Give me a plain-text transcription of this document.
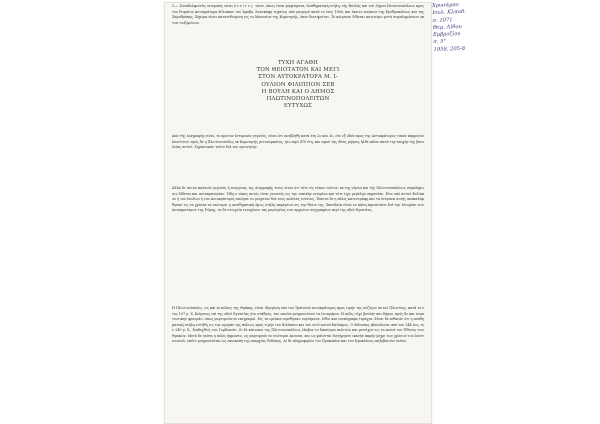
3.— Συναδελφιστάς ιστορικός είναι ό τ ε ί τ ε ς · ώστε, όπως είναι ψηφίσματα, άναθηματική στήλη, τής Βουλής και τού Δήμου Πεισινουπόλεων προς τον Ρωμαίον Αυτοκράτορα Φίλιππον τον Άραβα. Άνεσκάφη τυχαίως υπό γεωργού κατά το έτος 1960, και έκειτο ενώπιον της Ερυθροπόλεως και της Σαμοθράκης. Σήμερα είναι κατατεθειμένη εις το Μουσείον της Κομοτηνής, όπου διατηρείται. Το κείμενον δίδεται κατωτέρω μετά συμπληρώσεων εκ των σωζομένων.
ΤΥΧΗ ΑΓΑΘΗ
ΤΟΝ ΘΕΙΟΤΑΤΟΝ ΚΑΙ ΜΕΓΙ
ΣΤΟΝ ΑΥΤΟΚΡΑΤΟΡΑ Μ. Ι-
ΟΥΛΙΟΝ ΦΙΛΙΠΠΟΝ ΣΕΒ
Η ΒΟΥΛΗ ΚΑΙ Ο ΔΗΜΟΣ
ΠΛΩΤΙΝΟΠΟΛΕΙΤΩΝ
ΕΥΤΥΧΩΣ
Από τής Διαγραφής είναι, το πρώτον Ιστορικόν γεγονός, είναι ότι ανεβλήθη κατά έτη 2ο και 3ο, ότε εξ οδού προς την Αυτοκράτορος τόπον παρμένου Ιουστίνου, πρός δε η Πλωτινουπόλις εκ Κομοτηνής μετονομασίας, ήτο περί 470 έτη, και αφού τής ιδίας μήτρας ήλθε πάλιν κατά την εποχήν της βασιλείας αυτού. Σημαντικόν τούτο διά τον ερευνητήν.
Αλλά δι' ποιόν παλαιόν γεγονός ή ενέργειας της Διαγραφής τινος είναι ότι τότε είς τόπον τούτον, εκ της νήσου και τής Πλωτινουπόλεως συμπλήρωσιν δίδεται και αυτοκρατορίαν. Ήδη ο τόπος αυτός είναι γνωστός εις την τοπικήν ιστορίαν και τότε είχε μεγάλην σημασίαν. Είτε υπό αυτού Φιλίππου ή του Ιουλίου ή του Αυτοκράτορος εποίησε το μνημείον διά τους πολίτας τούτους. Έπειτα δε η πόλις κατεστράφη και τα λείψανα αυτής απεκαλύφθησαν εις τα χρόνια τα νεώτερα· η αναθηματική όμως στήλη παρέμεινε εις την θέσιν της. Σπουδαία είναι εν πάση περιπτώσει διά την Ιστορίαν των Αυτοκρατόρων της Ρώμης, τα δε στοιχεία ενισχύουν τας μαρτυρίας των αρχαίων συγγραφέων περί της οδού Εγνατίας.
Η Πλωτινούπολις, ως και αι πόλεις της Θράκης, είναι ιδρυμένη υπό του Τραϊανού αυτοκράτορος προς τιμήν της συζύγου αυτού Πλωτίνης, κατά το έτος 107 μ. Χ. Κείμενος επί της οδού Εγνατίας ήτο σταθμός, τον οποίον μνημονεύουν τα Ιτινεράρια. Η πόλις είχε βουλήν και δήμον, πρός δε και στρατιωτικήν φρουράν, όπως μαρτυρούν αι επιγραφαί. Εις τα ερείπια ευρέθησαν νομίσματα, λίθοι και ενεπίγραφα τεμάχια. Είναι δε πιθανόν ότι η αναθηματική στήλη εστήθη εις την αγοράν της πόλεως προς τιμήν του Φιλίππου και του υιού αυτού Καίσαρος. Ο Φίλιππος εβασίλευσε από του 244 έως του 249 μ. Χ., διαδεχθείς τον Γορδιανόν. Οι δε κάτοικοι της Πλωτινουπόλεως έλαβον το δικαίωμα πολιτών και μετείχον εις τα κοινά του Έθνους των Θρακών. Μετά δε ταύτα η πόλις ήκμασεν, ως μαρτυρούν αι νεώτεραι έρευναι, και ως φαίνεται διετήρησεν ικανήν ακμήν μέχρι των χρόνων του Ιουστινιανού, οπότε μνημονεύεται ως επισκοπή της επαρχίας Ροδόπης. Αι δε πληροφορίαι του Προκοπίου και του Ιεροκλέους επιβεβαιούν ταύτα.
Χρυσάμαν
Ιουλ. Κλαυδ.
σ. 1071
Θεμ. Λίθου
Εμβροζίου
σ. 5°
1958. 205-8
